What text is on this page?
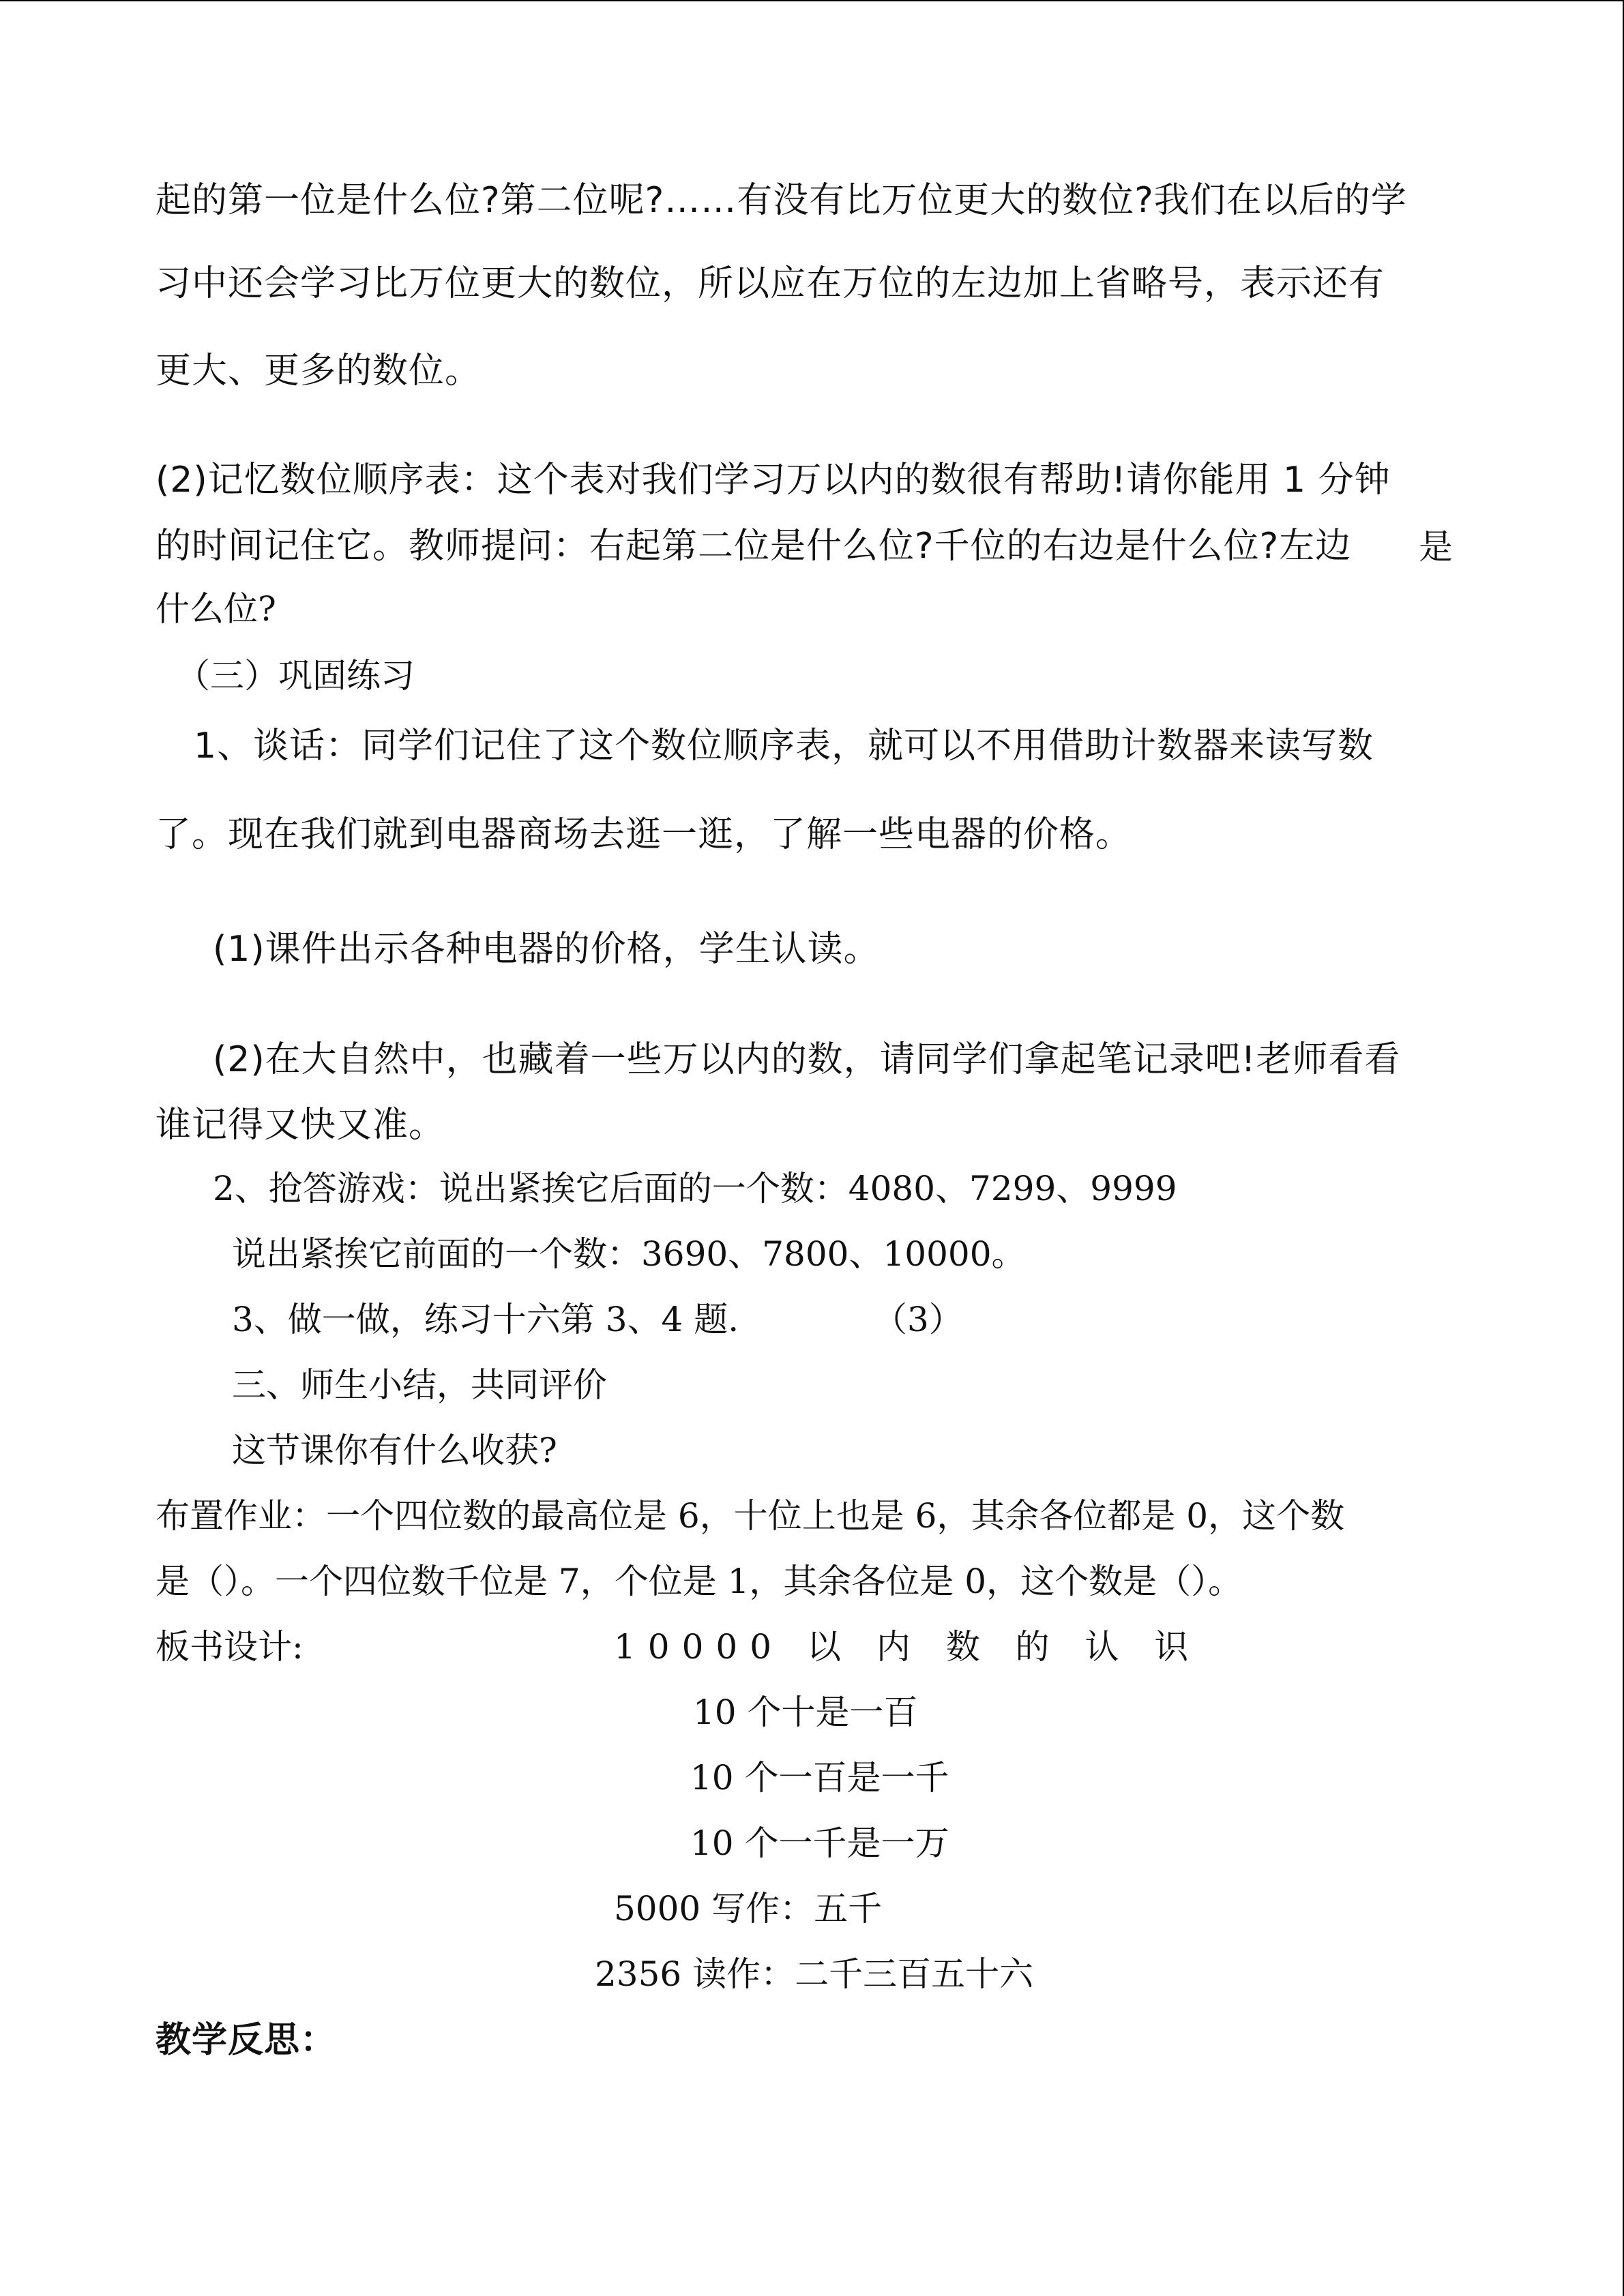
起的第一位是什么位?第二位呢?……有没有比万位更大的数位?我们在以后的学
习中还会学习比万位更大的数位，所以应在万位的左边加上省略号，表示还有
更大、更多的数位。
(2)记忆数位顺序表：这个表对我们学习万以内的数很有帮助!请你能用 1 分钟
的时间记住它。教师提问：右起第二位是什么位?千位的右边是什么位?左边 是
什么位?
（三）巩固练习
1、谈话：同学们记住了这个数位顺序表，就可以不用借助计数器来读写数
了。现在我们就到电器商场去逛一逛，了解一些电器的价格。
(1)课件出示各种电器的价格，学生认读。
(2)在大自然中，也藏着一些万以内的数，请同学们拿起笔记录吧!老师看看
谁记得又快又准。
2、抢答游戏：说出紧挨它后面的一个数：4080、7299、9999
说出紧挨它前面的一个数：3690、7800、10000。
3、做一做，练习十六第 3、4 题.	（3）
三、师生小结，共同评价
这节课你有什么收获?
布置作业：一个四位数的最高位是 6，十位上也是 6，其余各位都是 0，这个数
是（）。一个四位数千位是 7，个位是 1，其余各位是 0，这个数是（）。
板书设计:	10000 以 内 数 的 认 识
10 个十是一百
10 个一百是一千
10 个一千是一万
5000 写作：五千
2356 读作：二千三百五十六
教学反思：
